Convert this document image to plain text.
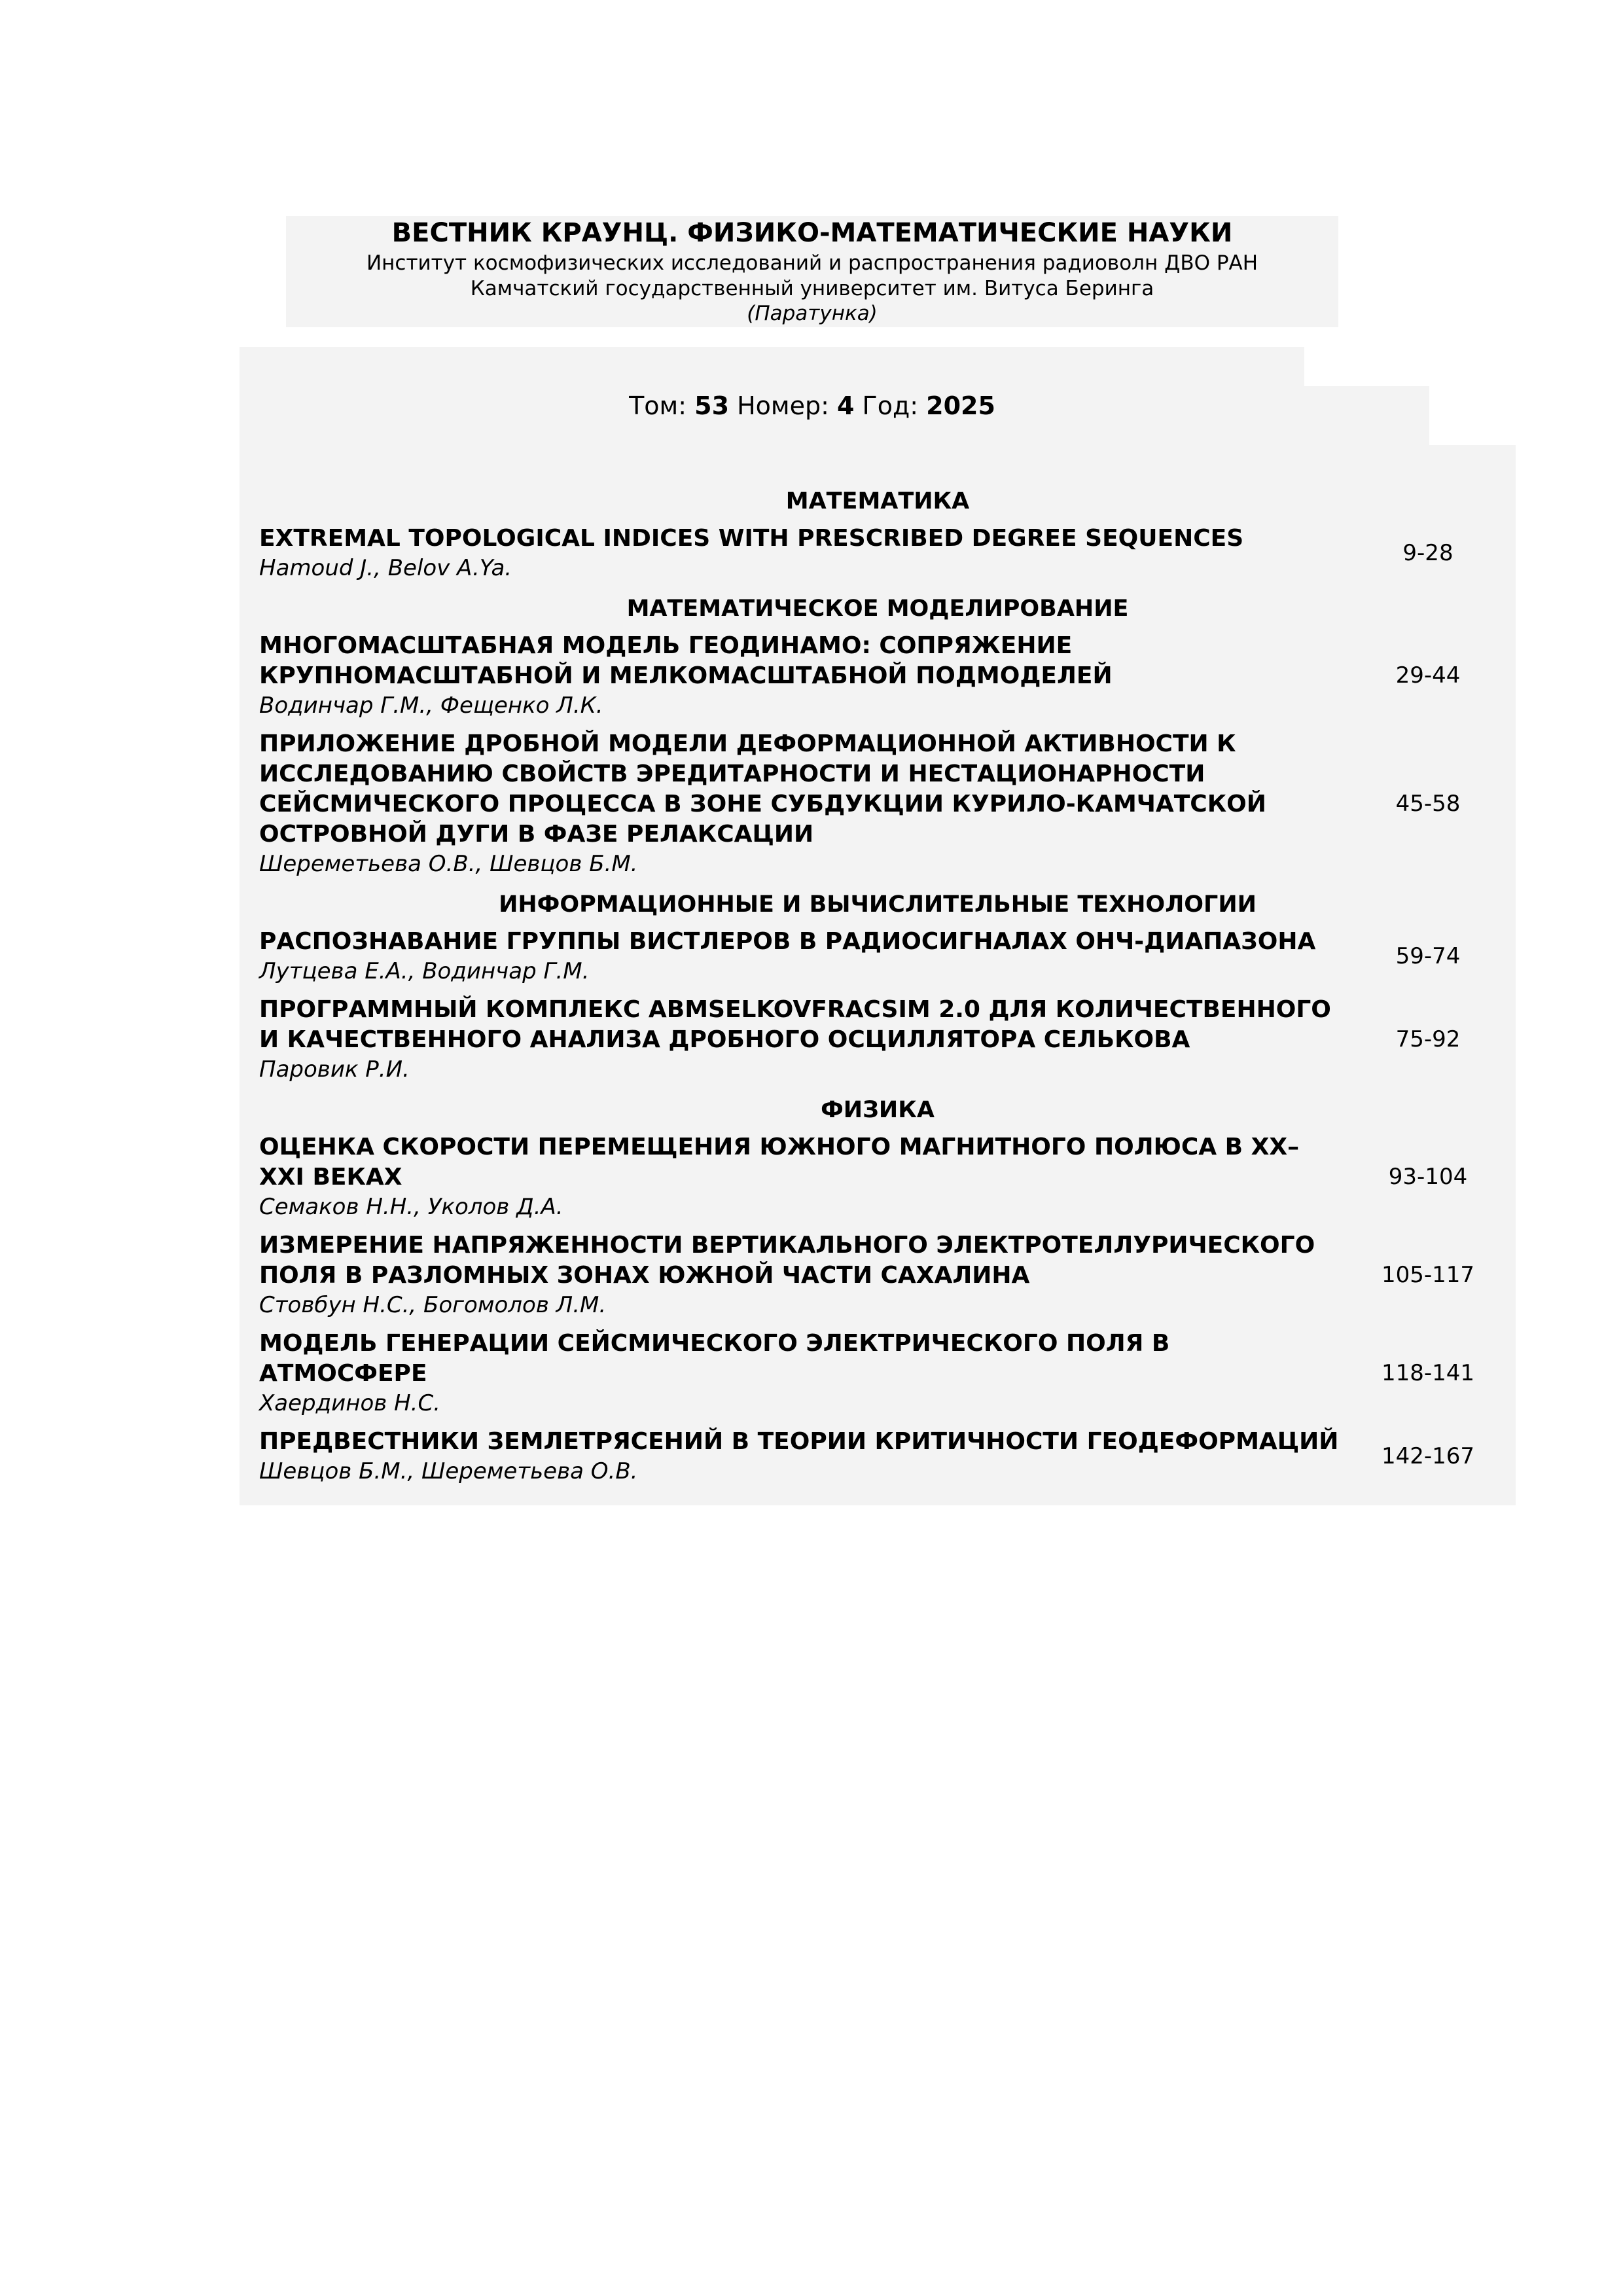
ВЕСТНИК КРАУНЦ. ФИЗИКО-МАТЕМАТИЧЕСКИЕ НАУКИ
Институт космофизических исследований и распространения радиоволн ДВО РАН
Камчатский государственный университет им. Витуса Беринга
(Паратунка)
Том: 53 Номер: 4 Год: 2025
МАТЕМАТИКА
EXTREMAL TOPOLOGICAL INDICES WITH PRESCRIBED DEGREE SEQUENCES
Hamoud J., Belov A.Ya.
9-28
МАТЕМАТИЧЕСКОЕ МОДЕЛИРОВАНИЕ
МНОГОМАСШТАБНАЯ МОДЕЛЬ ГЕОДИНАМО: СОПРЯЖЕНИЕ КРУПНОМАСШТАБНОЙ И МЕЛКОМАСШТАБНОЙ ПОДМОДЕЛЕЙ
Водинчар Г.М., Фещенко Л.К.
29-44
ПРИЛОЖЕНИЕ ДРОБНОЙ МОДЕЛИ ДЕФОРМАЦИОННОЙ АКТИВНОСТИ К ИССЛЕДОВАНИЮ СВОЙСТВ ЭРЕДИТАРНОСТИ И НЕСТАЦИОНАРНОСТИ СЕЙСМИЧЕСКОГО ПРОЦЕССА В ЗОНЕ СУБДУКЦИИ КУРИЛО-КАМЧАТСКОЙ ОСТРОВНОЙ ДУГИ В ФАЗЕ РЕЛАКСАЦИИ
Шереметьева О.В., Шевцов Б.М.
45-58
ИНФОРМАЦИОННЫЕ И ВЫЧИСЛИТЕЛЬНЫЕ ТЕХНОЛОГИИ
РАСПОЗНАВАНИЕ ГРУППЫ ВИСТЛЕРОВ В РАДИОСИГНАЛАХ ОНЧ-ДИАПАЗОНА
Лутцева Е.А., Водинчар Г.М.
59-74
ПРОГРАММНЫЙ КОМПЛЕКС ABMSELKOVFRACSIM 2.0 ДЛЯ КОЛИЧЕСТВЕННОГО И КАЧЕСТВЕННОГО АНАЛИЗА ДРОБНОГО ОСЦИЛЛЯТОРА СЕЛЬКОВА
Паровик Р.И.
75-92
ФИЗИКА
ОЦЕНКА СКОРОСТИ ПЕРЕМЕЩЕНИЯ ЮЖНОГО МАГНИТНОГО ПОЛЮСА В XX–XXI ВЕКАХ
Семаков Н.Н., Уколов Д.А.
93-104
ИЗМЕРЕНИЕ НАПРЯЖЕННОСТИ ВЕРТИКАЛЬНОГО ЭЛЕКТРОТЕЛЛУРИЧЕСКОГО ПОЛЯ В РАЗЛОМНЫХ ЗОНАХ ЮЖНОЙ ЧАСТИ САХАЛИНА
Стовбун Н.С., Богомолов Л.М.
105-117
МОДЕЛЬ ГЕНЕРАЦИИ СЕЙСМИЧЕСКОГО ЭЛЕКТРИЧЕСКОГО ПОЛЯ В АТМОСФЕРЕ
Хаердинов Н.С.
118-141
ПРЕДВЕСТНИКИ ЗЕМЛЕТРЯСЕНИЙ В ТЕОРИИ КРИТИЧНОСТИ ГЕОДЕФОРМАЦИЙ
Шевцов Б.М., Шереметьева О.В.
142-167
